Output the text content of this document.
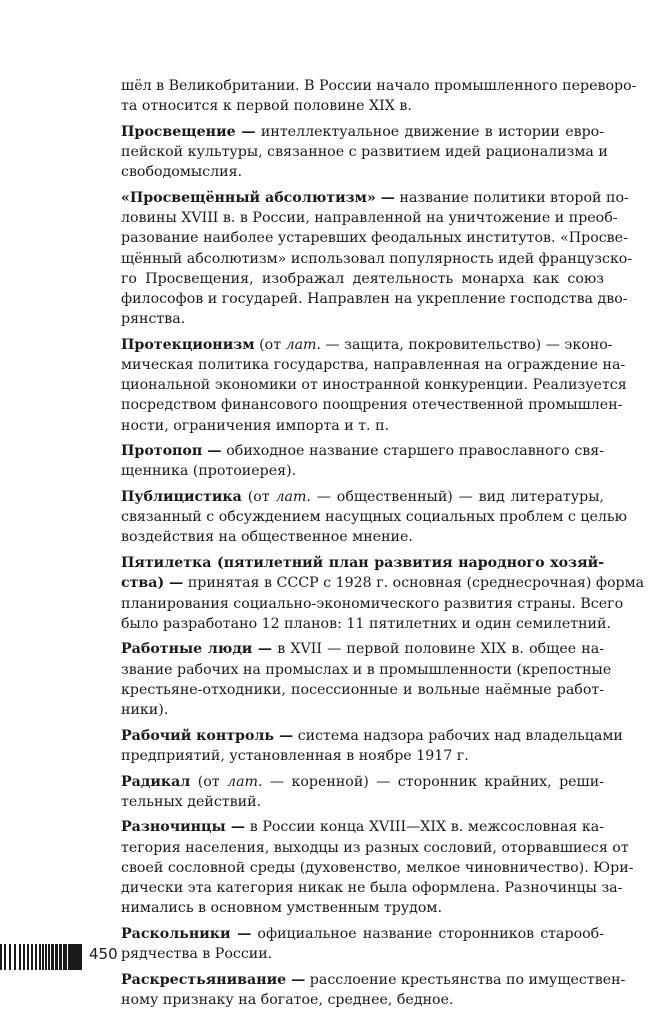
шёл в Великобритании. В России начало промышленного переворо-
та относится к первой половине XIX в.

Просвещение — интеллектуальное движение в истории евро-
пейской культуры, связанное с развитием идей рационализма и
свободомыслия.

«Просвещённый абсолютизм» — название политики второй по-
ловины XVIII в. в России, направленной на уничтожение и преоб-
разование наиболее устаревших феодальных институтов. «Просве-
щённый абсолютизм» использовал популярность идей французско-
го Просвещения, изображал деятельность монарха как союз
философов и государей. Направлен на укрепление господства дво-
рянства.

Протекционизм (от лат. — защита, покровительство) — эконо-
мическая политика государства, направленная на ограждение на-
циональной экономики от иностранной конкуренции. Реализуется
посредством финансового поощрения отечественной промышлен-
ности, ограничения импорта и т. п.

Протопоп — обиходное название старшего православного свя-
щенника (протоиерея).

Публицистика (от лат. — общественный) — вид литературы,
связанный с обсуждением насущных социальных проблем с целью
воздействия на общественное мнение.

Пятилетка (пятилетний план развития народного хозяй-
ства) — принятая в СССР с 1928 г. основная (среднесрочная) форма
планирования социально-экономического развития страны. Всего
было разработано 12 планов: 11 пятилетних и один семилетний.

Работные люди — в XVII — первой половине XIX в. общее на-
звание рабочих на промыслах и в промышленности (крепостные
крестьяне-отходники, посессионные и вольные наёмные работ-
ники).

Рабочий контроль — система надзора рабочих над владельцами
предприятий, установленная в ноябре 1917 г.

Радикал (от лат. — коренной) — сторонник крайних, реши-
тельных действий.

Разночинцы — в России конца XVIII—XIX в. межсословная ка-
тегория населения, выходцы из разных сословий, оторвавшиеся от
своей сословной среды (духовенство, мелкое чиновничество). Юри-
дически эта категория никак не была оформлена. Разночинцы за-
нимались в основном умственным трудом.

Раскольники — официальное название сторонников старооб-
рядчества в России.

Раскрестьянивание — расслоение крестьянства по имуществен-
ному признаку на богатое, среднее, бедное.

450
